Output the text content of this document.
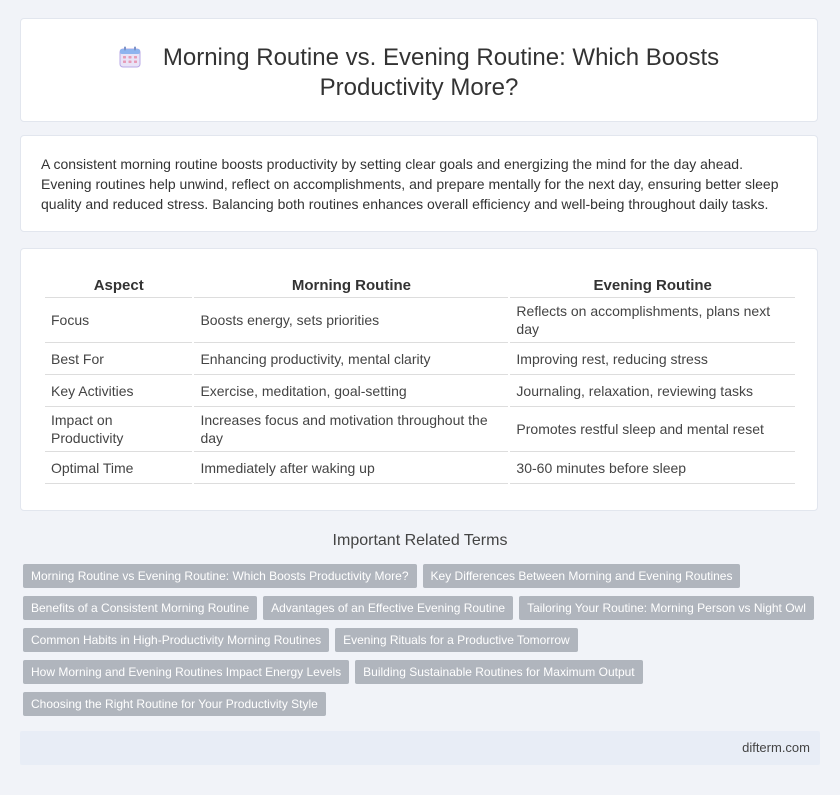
Morning Routine vs. Evening Routine: Which Boosts Productivity More?

A consistent morning routine boosts productivity by setting clear goals and energizing the mind for the day ahead. Evening routines help unwind, reflect on accomplishments, and prepare mentally for the next day, ensuring better sleep quality and reduced stress. Balancing both routines enhances overall efficiency and well-being throughout daily tasks.

Aspect	Morning Routine	Evening Routine
Focus	Boosts energy, sets priorities	Reflects on accomplishments, plans next day
Best For	Enhancing productivity, mental clarity	Improving rest, reducing stress
Key Activities	Exercise, meditation, goal-setting	Journaling, relaxation, reviewing tasks
Impact on Productivity	Increases focus and motivation throughout the day	Promotes restful sleep and mental reset
Optimal Time	Immediately after waking up	30-60 minutes before sleep
Important Related Terms
Morning Routine vs Evening Routine: Which Boosts Productivity More? Key Differences Between Morning and Evening Routines
Benefits of a Consistent Morning Routine Advantages of an Effective Evening Routine Tailoring Your Routine: Morning Person vs Night Owl
Common Habits in High-Productivity Morning Routines Evening Rituals for a Productive Tomorrow
How Morning and Evening Routines Impact Energy Levels Building Sustainable Routines for Maximum Output
Choosing the Right Routine for Your Productivity Style
difterm.com
